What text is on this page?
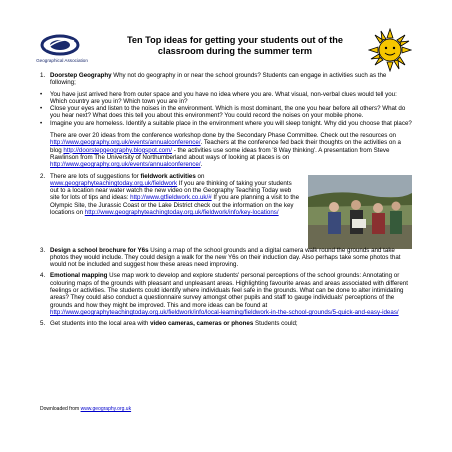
Geographical Association
Ten Top ideas for getting your students out of the classroom during the summer term
1. Doorstep Geography Why not do geography in or near the school grounds? Students can engage in activities such as the following;
• You have just arrived here from outer space and you have no idea where you are. What visual, non-verbal clues would tell you: Which country are you in? Which town you are in?
• Close your eyes and listen to the noises in the environment. Which is most dominant, the one you hear before all others? What do you hear next? What does this tell you about this environment? You could record the noises on your mobile phone.
• Imagine you are homeless. Identify a suitable place in the environment where you will sleep tonight. Why did you choose that place?
There are over 20 ideas from the conference workshop done by the Secondary Phase Committee. Check out the resources on http://www.geography.org.uk/events/annualconference/. Teachers at the conference fed back their thoughts on the activities on a blog http://doorstepgeography.blogspot.com/ - the activities use some ideas from '8 Way thinking'. A presentation from Steve Rawlinson from The University of Northumberland about ways of looking at places is on http://www.geography.org.uk/events/annualconference/.
2. There are lots of suggestions for fieldwork activities on www.geographyteachingtoday.org.uk/fieldwork If you are thinking of taking your students out to a location near water watch the new video on the Geography Teaching Today web site for lots of tips and ideas: http://www.gtfieldwork.co.uk/# If you are planning a visit to the Olympic Site, the Jurassic Coast or the Lake District check out the information on the key locations on http://www.geographyteachingtoday.org.uk/fieldwork/info/key-locations/
3. Design a school brochure for Y6s Using a map of the school grounds and a digital camera walk round the grounds and take photos they would include. They could design a walk for the new Y6s on their induction day. Also perhaps take some photos that would not be included and suggest how these areas need improving.
4. Emotional mapping Use map work to develop and explore students' personal perceptions of the school grounds: Annotating or colouring maps of the grounds with pleasant and unpleasant areas. Highlighting favourite areas and areas associated with different feelings or activities. The students could identify where individuals feel safe in the grounds. What can be done to alter intimidating areas? They could also conduct a questionnaire survey amongst other pupils and staff to gauge individuals' perceptions of the grounds and how they might be improved. This and more ideas can be found at http://www.geographyteachingtoday.org.uk/fieldwork/info/local-learning/fieldwork-in-the-school-grounds/5-quick-and-easy-ideas/
5. Get students into the local area with video cameras, cameras or phones Students could;
Downloaded from www.geography.org.uk
